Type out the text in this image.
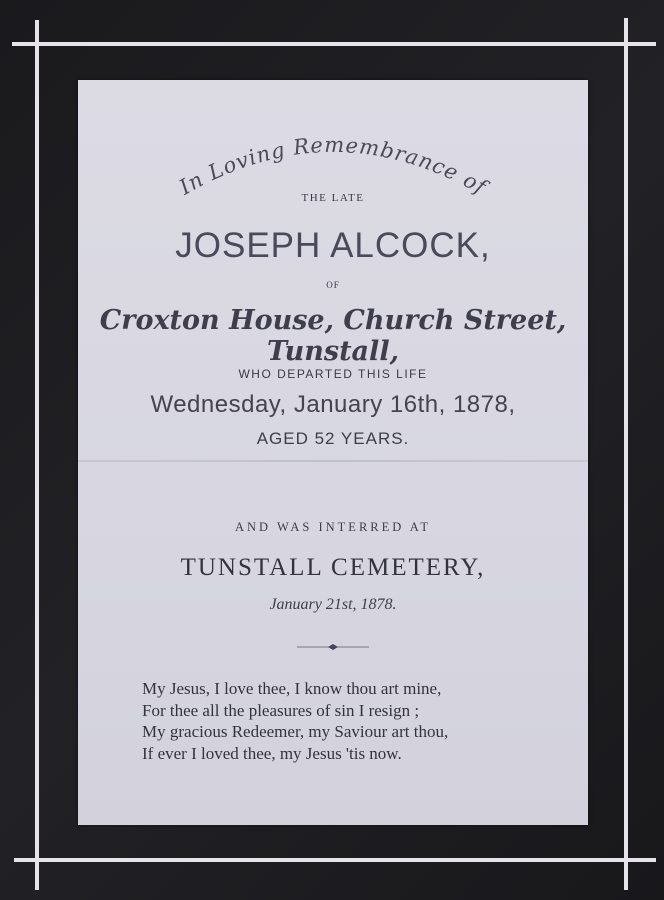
In Loving Remembrance of
THE LATE
JOSEPH ALCOCK,
OF
Croxton House, Church Street, Tunstall,
WHO DEPARTED THIS LIFE
Wednesday, January 16th, 1878,
AGED 52 YEARS.
AND WAS INTERRED AT
TUNSTALL CEMETERY,
January 21st, 1878.
My Jesus, I love thee, I know thou art mine,
For thee all the pleasures of sin I resign ;
My gracious Redeemer, my Saviour art thou,
If ever I loved thee, my Jesus 'tis now.
